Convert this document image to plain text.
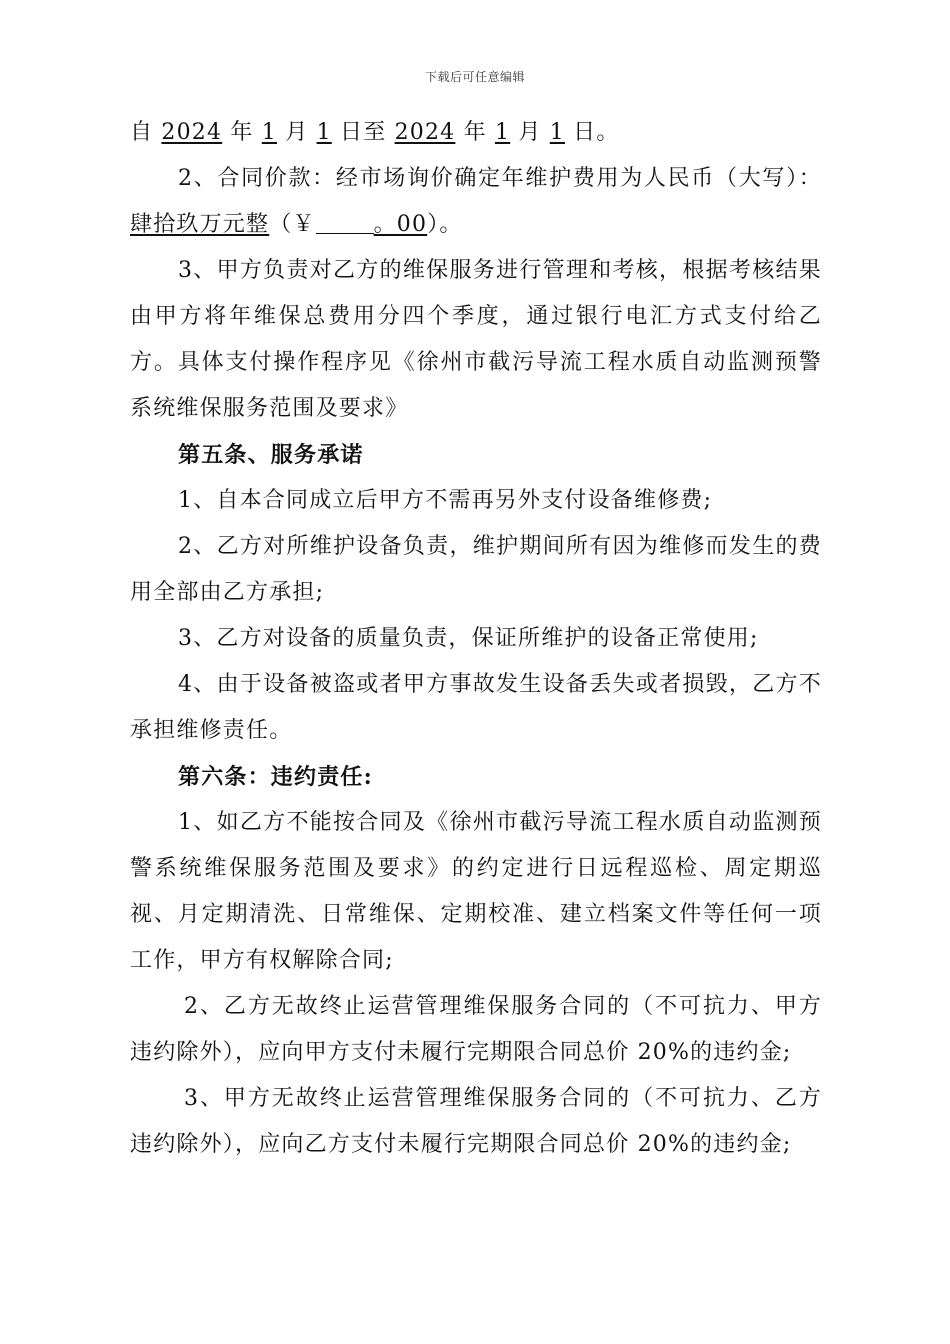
下载后可任意编辑

自 2024 年 1 月 1 日至 2024 年 1 月 1 日。

2、合同价款：经市场询价确定年维护费用为人民币（大写）：肆拾玖万元整（￥	。00）。

3、甲方负责对乙方的维保服务进行管理和考核，根据考核结果由甲方将年维保总费用分四个季度，通过银行电汇方式支付给乙方。具体支付操作程序见《徐州市截污导流工程水质自动监测预警系统维保服务范围及要求》

第五条、服务承诺

1、自本合同成立后甲方不需再另外支付设备维修费;

2、乙方对所维护设备负责，维护期间所有因为维修而发生的费用全部由乙方承担;

3、乙方对设备的质量负责，保证所维护的设备正常使用;

4、由于设备被盗或者甲方事故发生设备丢失或者损毁，乙方不承担维修责任。

第六条：违约责任:

1、如乙方不能按合同及《徐州市截污导流工程水质自动监测预警系统维保服务范围及要求》的约定进行日远程巡检、周定期巡视、月定期清洗、日常维保、定期校准、建立档案文件等任何一项工作，甲方有权解除合同;

2、乙方无故终止运营管理维保服务合同的（不可抗力、甲方违约除外），应向甲方支付未履行完期限合同总价 20%的违约金;

3、甲方无故终止运营管理维保服务合同的（不可抗力、乙方违约除外），应向乙方支付未履行完期限合同总价 20%的违约金;
